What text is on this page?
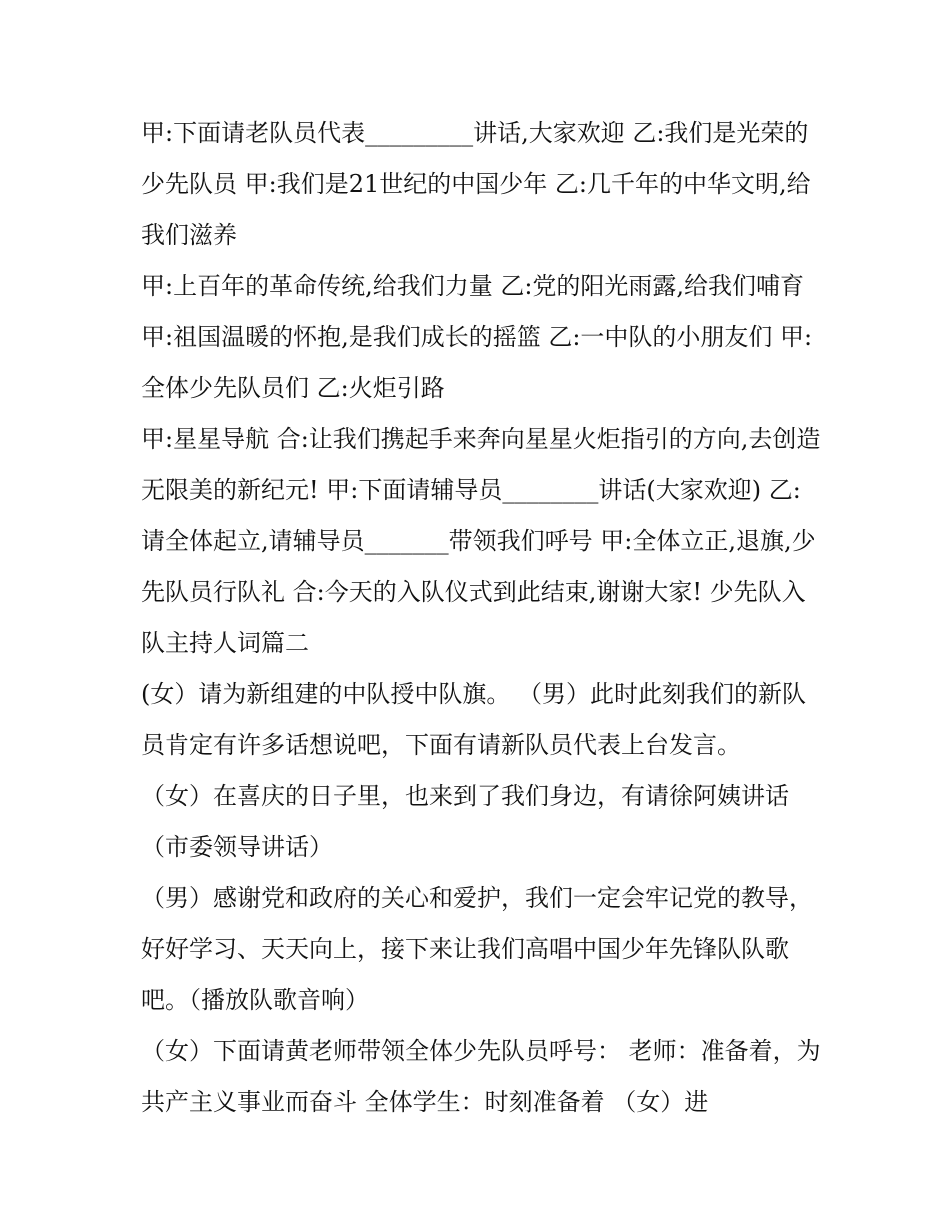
甲:下面请老队员代表_________讲话,大家欢迎 乙:我们是光荣的少先队员 甲:我们是21世纪的中国少年 乙:几千年的中华文明,给我们滋养

甲:上百年的革命传统,给我们力量 乙:党的阳光雨露,给我们哺育 甲:祖国温暖的怀抱,是我们成长的摇篮 乙:一中队的小朋友们 甲:全体少先队员们 乙:火炬引路

甲:星星导航 合:让我们携起手来奔向星星火炬指引的方向,去创造无限美的新纪元! 甲:下面请辅导员________讲话(大家欢迎) 乙:请全体起立,请辅导员_______带领我们呼号 甲:全体立正,退旗,少先队员行队礼 合:今天的入队仪式到此结束,谢谢大家! 少先队入队主持人词篇二

(女）请为新组建的中队授中队旗。 （男）此时此刻我们的新队员肯定有许多话想说吧，下面有请新队员代表上台发言。

（女）在喜庆的日子里，也来到了我们身边，有请徐阿姨讲话（市委领导讲话）

（男）感谢党和政府的关心和爱护，我们一定会牢记党的教导，好好学习、天天向上，接下来让我们高唱中国少年先锋队队歌吧。（播放队歌音响）

（女）下面请黄老师带领全体少先队员呼号： 老师：准备着，为共产主义事业而奋斗 全体学生：时刻准备着 （女）进
